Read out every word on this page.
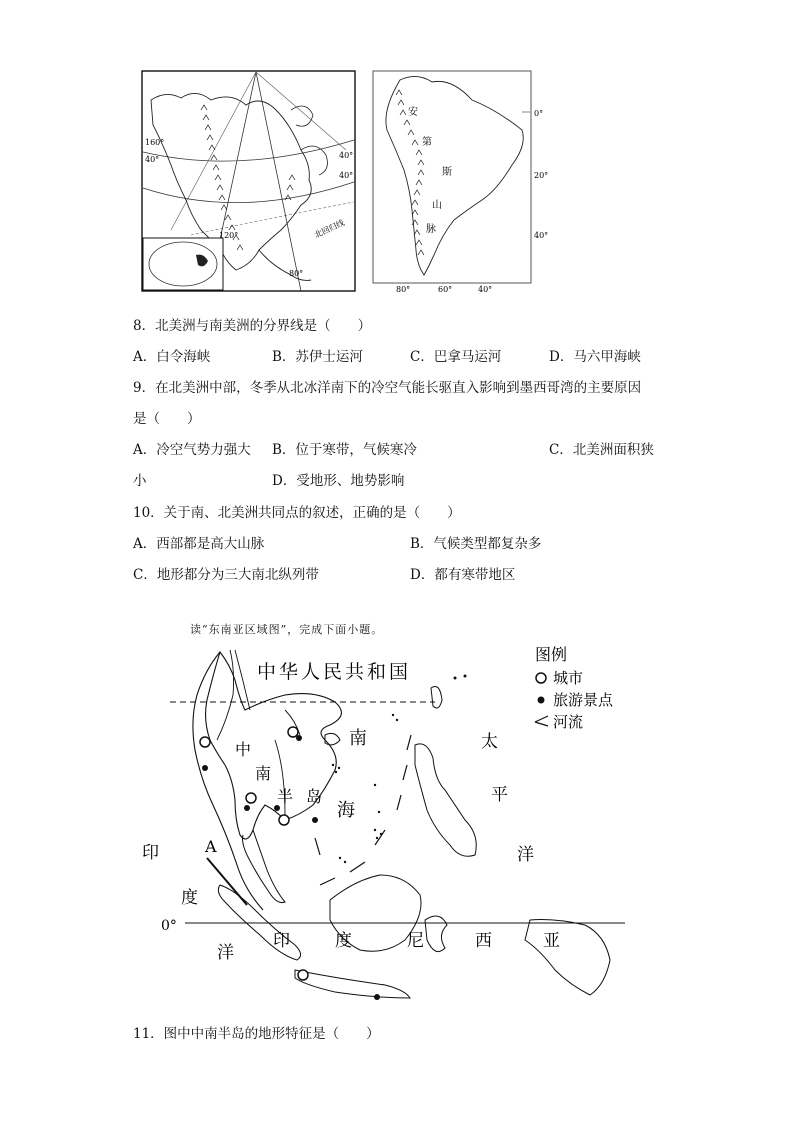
160°
40°	40°
40°
120°
80°
北回归线
安
第
斯
山
脉
0°
20°
40°
80°	60°	40°
8．北美洲与南美洲的分界线是（　　）
A．白令海峡	B．苏伊士运河	C．巴拿马运河	D．马六甲海峡
9．在北美洲中部，冬季从北冰洋南下的冷空气能长驱直入影响到墨西哥湾的主要原因
是（　　）
A．冷空气势力强大 B．位于寒带，气候寒冷	C．北美洲面积狭
小	D．受地形、地势影响
10．关于南、北美洲共同点的叙述，正确的是（　　）
A．西部都是高大山脉	B．气候类型都复杂多
C．地形都分为三大南北纵列带	D．都有寒带地区
读“东南亚区域图”，完成下面小题。
中华人民共和国
图例
城市
旅游景点
河流
中
南
半 岛
南
海
太
平
洋
印	A
度
洋
0°
印	度	尼	西	亚
11．图中中南半岛的地形特征是（　　）
